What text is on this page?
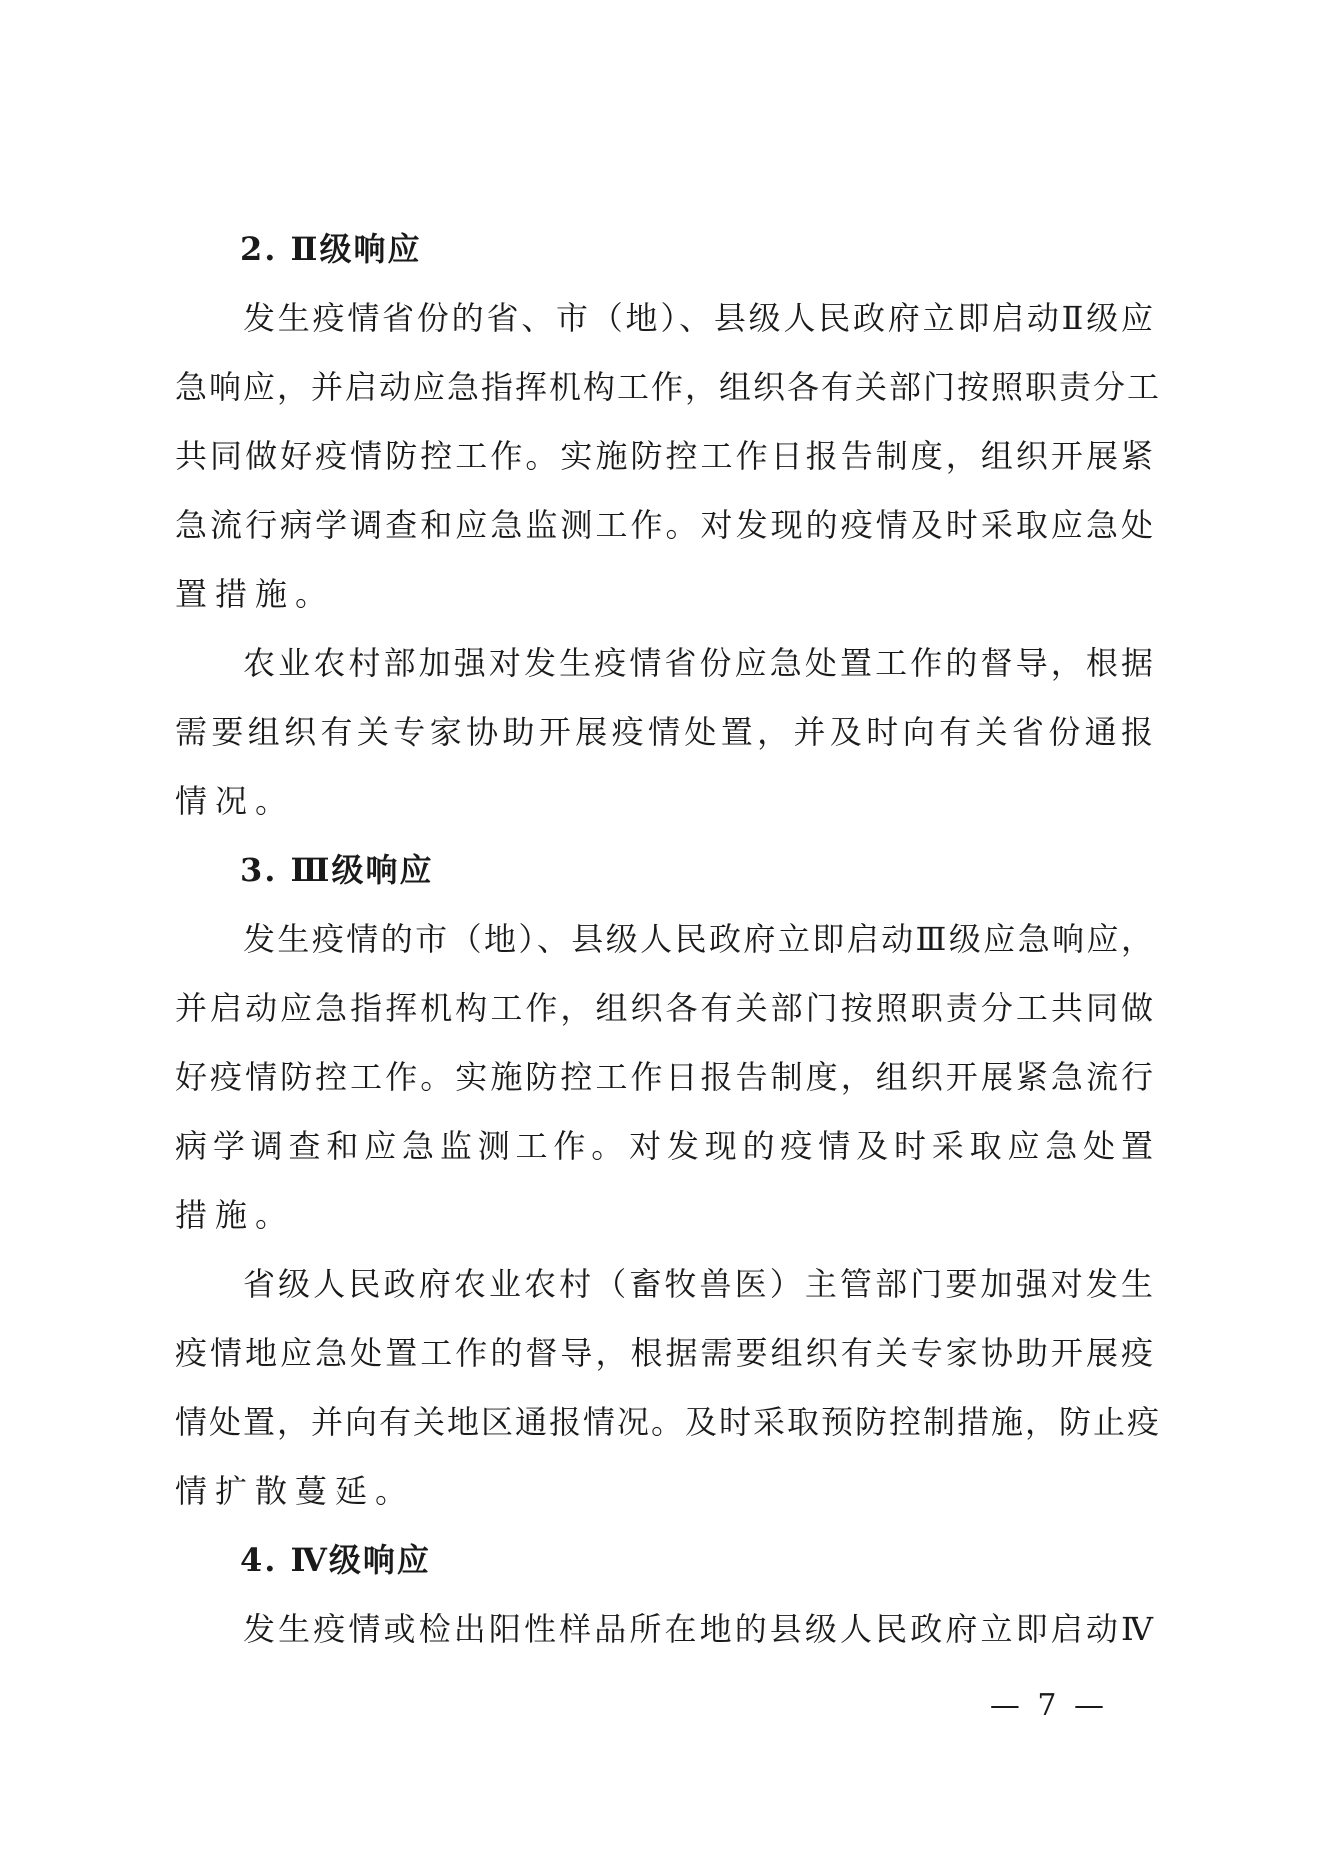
2. Ⅱ级响应
发生疫情省份的省、市（地）、县级人民政府立即启动Ⅱ级应
急响应，并启动应急指挥机构工作，组织各有关部门按照职责分工
共同做好疫情防控工作。实施防控工作日报告制度，组织开展紧
急流行病学调查和应急监测工作。对发现的疫情及时采取应急处
置措施。
农业农村部加强对发生疫情省份应急处置工作的督导，根据
需要组织有关专家协助开展疫情处置，并及时向有关省份通报
情况。
3. Ⅲ级响应
发生疫情的市（地）、县级人民政府立即启动Ⅲ级应急响应，
并启动应急指挥机构工作，组织各有关部门按照职责分工共同做
好疫情防控工作。实施防控工作日报告制度，组织开展紧急流行
病学调查和应急监测工作。对发现的疫情及时采取应急处置
措施。
省级人民政府农业农村（畜牧兽医）主管部门要加强对发生
疫情地应急处置工作的督导，根据需要组织有关专家协助开展疫
情处置，并向有关地区通报情况。及时采取预防控制措施，防止疫
情扩散蔓延。
4. Ⅳ级响应
发生疫情或检出阳性样品所在地的县级人民政府立即启动Ⅳ
— 7 —
